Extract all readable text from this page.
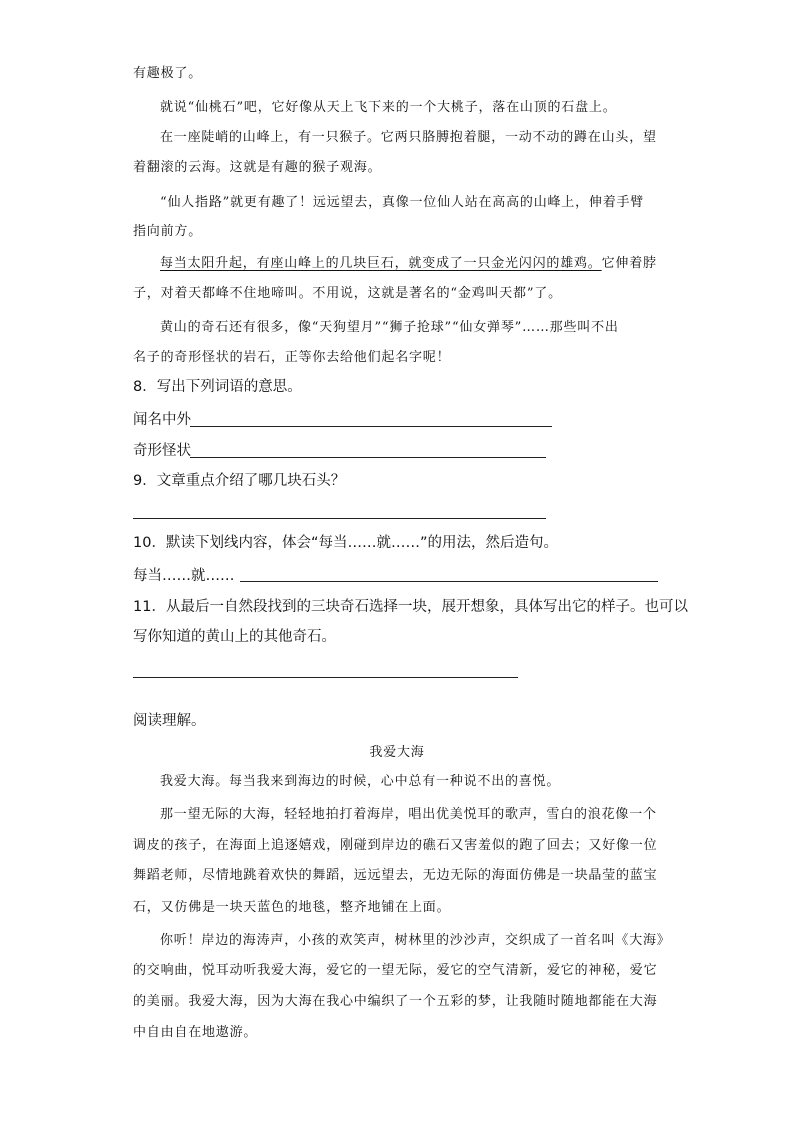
有趣极了。
就说“仙桃石”吧，它好像从天上飞下来的一个大桃子，落在山顶的石盘上。
在一座陡峭的山峰上，有一只猴子。它两只胳膊抱着腿，一动不动的蹲在山头，望
着翻滚的云海。这就是有趣的猴子观海。
“仙人指路”就更有趣了！远远望去，真像一位仙人站在高高的山峰上，伸着手臂
指向前方。
每当太阳升起，有座山峰上的几块巨石，就变成了一只金光闪闪的雄鸡。它伸着脖
子，对着天都峰不住地啼叫。不用说，这就是著名的“金鸡叫天都”了。
黄山的奇石还有很多，像“天狗望月”“狮子抢球”“仙女弹琴”……那些叫不出
名子的奇形怪状的岩石，正等你去给他们起名字呢！
8．写出下列词语的意思。
闻名中外
奇形怪状
9．文章重点介绍了哪几块石头？
10．默读下划线内容，体会“每当……就……”的用法，然后造句。
每当……就……
11．从最后一自然段找到的三块奇石选择一块，展开想象，具体写出它的样子。也可以
写你知道的黄山上的其他奇石。
阅读理解。
我爱大海
我爱大海。每当我来到海边的时候，心中总有一种说不出的喜悦。
那一望无际的大海，轻轻地拍打着海岸，唱出优美悦耳的歌声，雪白的浪花像一个
调皮的孩子，在海面上追逐嬉戏，刚碰到岸边的礁石又害羞似的跑了回去；又好像一位
舞蹈老师，尽情地跳着欢快的舞蹈，远远望去，无边无际的海面仿佛是一块晶莹的蓝宝
石，又仿佛是一块天蓝色的地毯，整齐地铺在上面。
你听！岸边的海涛声，小孩的欢笑声，树林里的沙沙声，交织成了一首名叫《大海》
的交响曲，悦耳动听我爱大海，爱它的一望无际，爱它的空气清新，爱它的神秘，爱它
的美丽。我爱大海，因为大海在我心中编织了一个五彩的梦，让我随时随地都能在大海
中自由自在地遨游。
